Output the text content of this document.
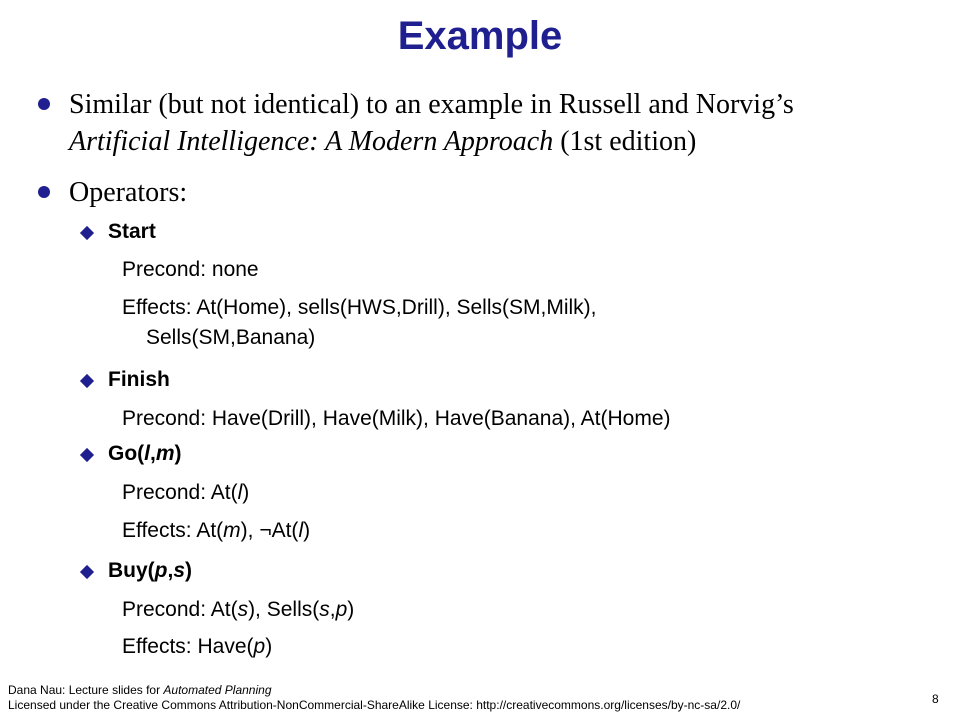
Example
Similar (but not identical) to an example in Russell and Norvig’s
Artificial Intelligence: A Modern Approach (1st edition)
Operators:
Start
Precond: none
Effects: At(Home), sells(HWS,Drill), Sells(SM,Milk),
Sells(SM,Banana)
Finish
Precond: Have(Drill), Have(Milk), Have(Banana), At(Home)
Go(l,m)
Precond: At(l)
Effects: At(m), ¬At(l)
Buy(p,s)
Precond: At(s), Sells(s,p)
Effects: Have(p)
Dana Nau: Lecture slides for Automated Planning
Licensed under the Creative Commons Attribution-NonCommercial-ShareAlike License: http://creativecommons.org/licenses/by-nc-sa/2.0/	8
